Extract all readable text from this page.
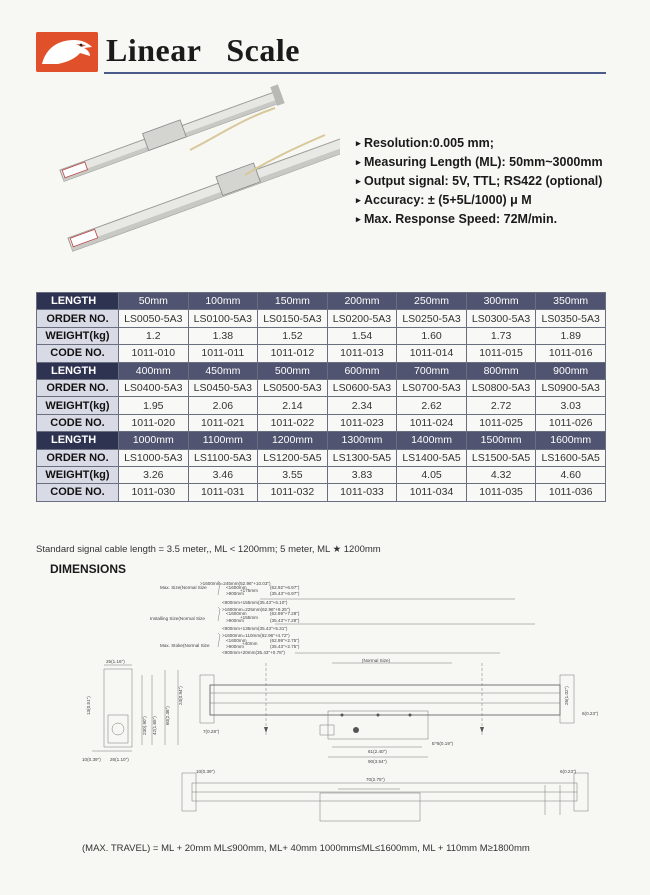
Linear   Scale
▸ Resolution:0.005 mm;
▸ Measuring Length (ML): 50mm~3000mm
▸ Output signal: 5V, TTL; RS422 (optional)
▸ Accuracy: ± (5+5L/1000) μ M
▸ Max. Response Speed: 72M/min.
LENGTH	50mm	100mm	150mm	200mm	250mm	300mm	350mm
ORDER NO.	LS0050-5A3	LS0100-5A3	LS0150-5A3	LS0200-5A3	LS0250-5A3	LS0300-5A3	LS0350-5A3
WEIGHT(kg)	1.2	1.38	1.52	1.54	1.60	1.73	1.89
CODE NO.	1011-010	1011-011	1011-012	1011-013	1011-014	1011-015	1011-016
LENGTH	400mm	450mm	500mm	600mm	700mm	800mm	900mm
ORDER NO.	LS0400-5A3	LS0450-5A3	LS0500-5A3	LS0600-5A3	LS0700-5A3	LS0800-5A3	LS0900-5A3
WEIGHT(kg)	1.95	2.06	2.14	2.34	2.62	2.72	3.03
CODE NO.	1011-020	1011-021	1011-022	1011-023	1011-024	1011-025	1011-026
LENGTH	1000mm	1100mm	1200mm	1300mm	1400mm	1500mm	1600mm
ORDER NO.	LS1000-5A3	LS1100-5A3	LS1200-5A5	LS1300-5A5	LS1400-5A5	LS1500-5A5	LS1600-5A5
WEIGHT(kg)	3.26	3.46	3.55	3.83	4.05	4.32	4.60
CODE NO.	1011-030	1011-031	1011-032	1011-033	1011-034	1011-035	1011-036
Standard signal cable length = 3.5 meter,, ML < 1200mm; 5 meter, ML ★ 1200mm
DIMENSIONS
>1600mm=245mm(52.96"+10.03")
Max. Size(Normal Size	<1600mm
+175mm
(62.92"+6.97")
>900mm	(35.43"+6.97")
<900mm+155mm(35.43"+6.10")
>1600mm=225mm(62.96"+9.25")
Installing Size(Normal Size
<1600mm
+155mm
(62.99"+7.28")
>900mm	(35.43"+7.28")
<900mm+135mm(35.43"+5.31")
>1600mm=110mm(62.96"+4.72")
Max. Stoke(Normal Size
<1600mm
+40mm
(62.99"+2.75")
>900mm	(35.43"+2.75")
<900mm+20mm(35.43"+0.78")
(Normal Size)
25(1.16")
10(0.39") 26(1.10")
7(0.28")
6(0.23")
61(2.40")
90(3.54")
E*5(0.19")
70(2.75")
10(0.39")	6(0.23")
230(.90") 42(1.65")
60(2.36")
24(0.94")	26(1.02")
13(0.51")
(MAX. TRAVEL) = ML + 20mm ML≤900mm, ML+ 40mm 1000mm≤ML≤1600mm, ML + 110mm M≥1800mm
